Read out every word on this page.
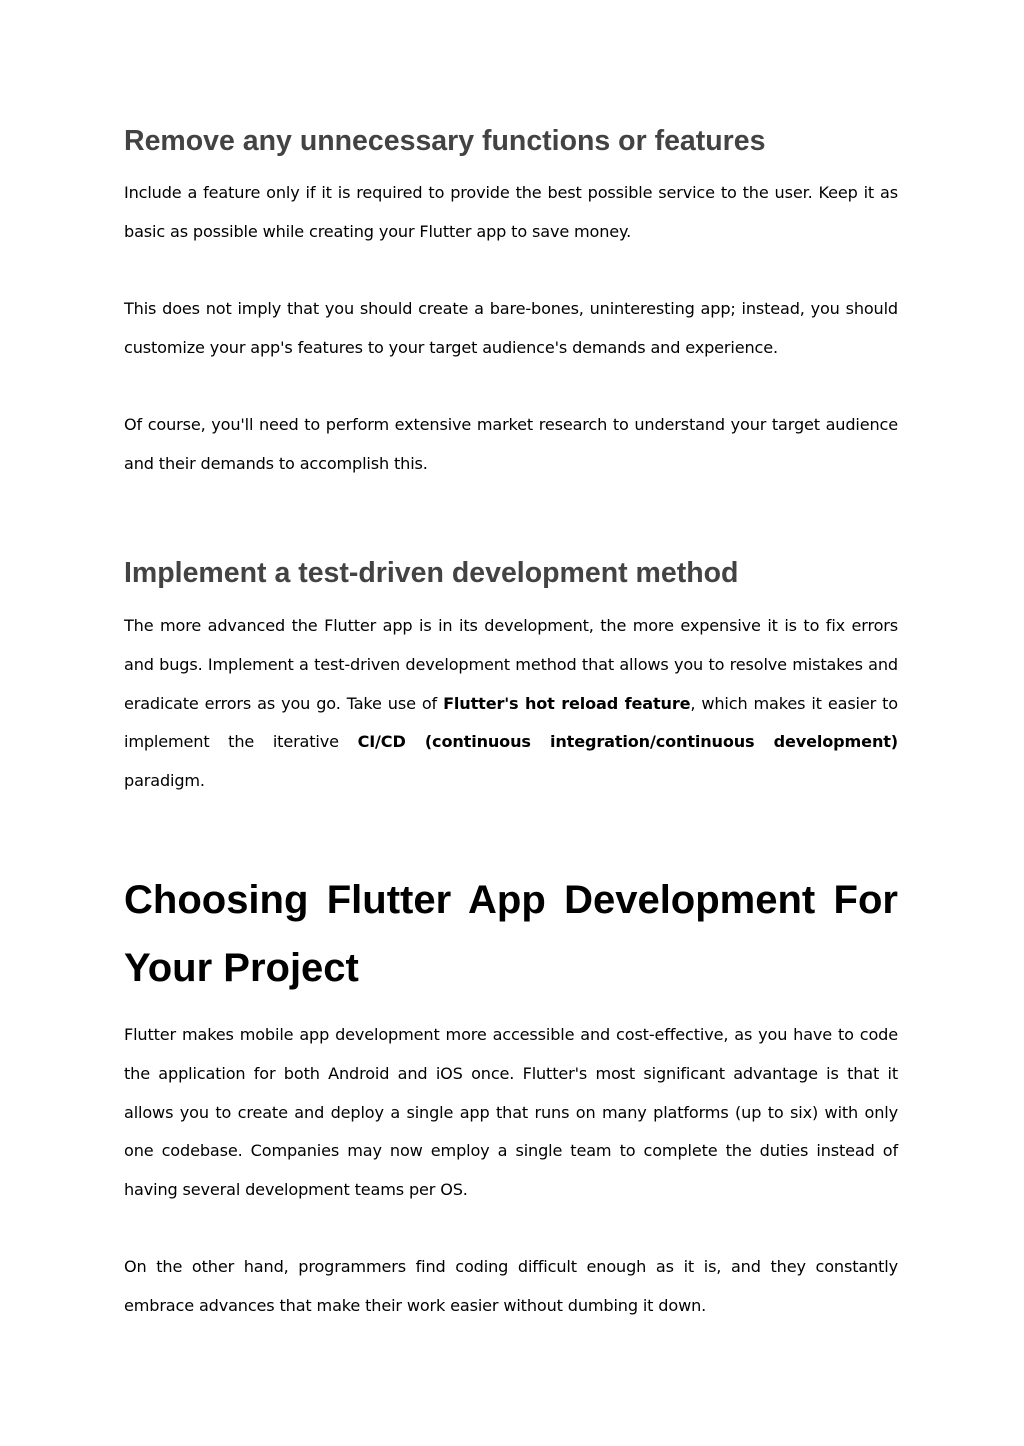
Remove any unnecessary functions or features

Include a feature only if it is required to provide the best possible service to the user. Keep it as basic as possible while creating your Flutter app to save money.

This does not imply that you should create a bare-bones, uninteresting app; instead, you should customize your app's features to your target audience's demands and experience.

Of course, you'll need to perform extensive market research to understand your target audience and their demands to accomplish this.

Implement a test-driven development method

The more advanced the Flutter app is in its development, the more expensive it is to fix errors and bugs. Implement a test-driven development method that allows you to resolve mistakes and eradicate errors as you go. Take use of Flutter's hot reload feature, which makes it easier to implement the iterative CI/CD (continuous integration/continuous development) paradigm.

Choosing Flutter App Development For Your Project

Flutter makes mobile app development more accessible and cost-effective, as you have to code the application for both Android and iOS once. Flutter's most significant advantage is that it allows you to create and deploy a single app that runs on many platforms (up to six) with only one codebase. Companies may now employ a single team to complete the duties instead of having several development teams per OS.

On the other hand, programmers find coding difficult enough as it is, and they constantly embrace advances that make their work easier without dumbing it down.
